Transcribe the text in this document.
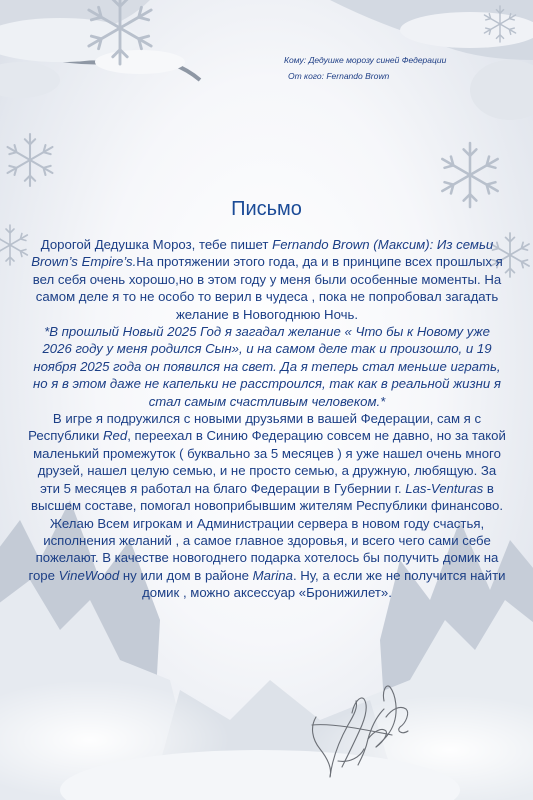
Кому: Дедушке морозу синей Федерации
От кого: Fernando Brown
Письмо

Дорогой Дедушка Мороз, тебе пишет Fernando Brown (Максим): Из семьи Brown’s Empire’s.На протяжении этого года, да и в принципе всех прошлых я вел себя очень хорошо,но в этом году у меня были особенные моменты. На самом деле я то не особо то верил в чудеса , пока не попробовал загадать желание в Новогоднюю Ночь.

*В прошлый Новый 2025 Год я загадал желание « Что бы к Новому уже 2026 году у меня родился Сын», и на самом деле так и произошло, и 19 ноября 2025 года он появился на свет. Да я теперь стал меньше играть, но я в этом даже не капельки не расстроился, так как в реальной жизни я стал самым счастливым человеком.*

В игре я подружился с новыми друзьями в вашей Федерации, сам я с Республики Red, переехал в Синию Федерацию совсем не давно, но за такой маленький промежуток ( буквально за 5 месяцев ) я уже нашел очень много друзей, нашел целую семью, и не просто семью, а дружную, любящую. За эти 5 месяцев я работал на благо Федерации в Губернии г. Las-Venturas в высшем составе, помогал новоприбывшим жителям Республики финансово. Желаю Всем игрокам и Администрации сервера в новом году счастья, исполнения желаний , а самое главное здоровья, и всего чего сами себе пожелают. В качестве новогоднего подарка хотелось бы получить домик на горе VineWood ну или дом в районе Marina. Ну, а если же не получится найти домик , можно аксессуар «Бронижилет».
